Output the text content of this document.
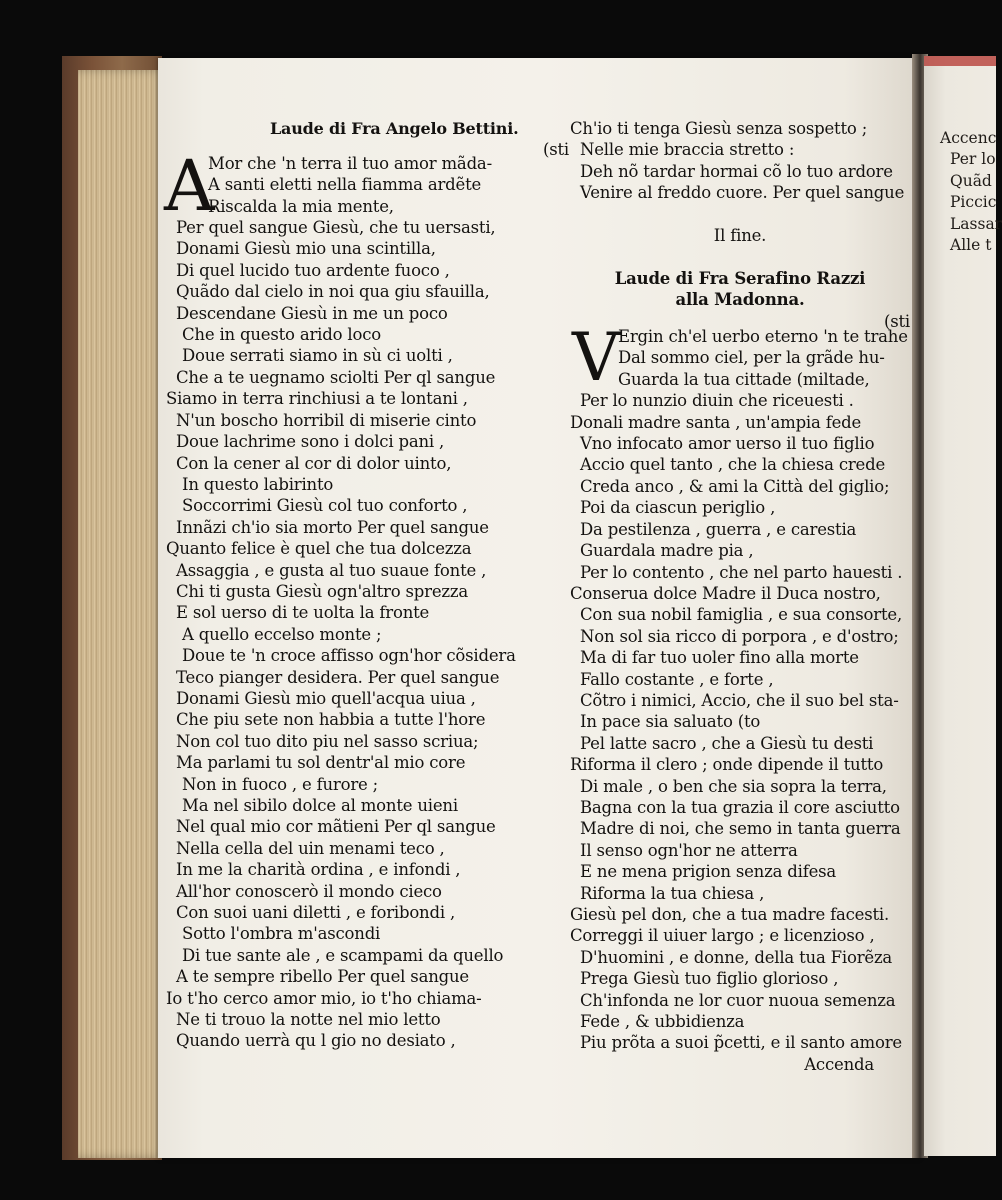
Laude di Fra Angelo Bettini.
(sti
A
Mor che 'n terra il tuo amor mãda-
A santi eletti nella fiamma ardẽte
Riscalda la mia mente,
Per quel sangue Giesù, che tu uersasti,
Donami Giesù mio una scintilla,
Di quel lucido tuo ardente fuoco ,
Quãdo dal cielo in noi qua giu sfauilla,
Descendane Giesù in me un poco
Che in questo arido loco
Doue serrati siamo in sù ci uolti ,
Che a te uegnamo sciolti Per ql sangue
Siamo in terra rinchiusi a te lontani ,
N'un boscho horribil di miserie cinto
Doue lachrime sono i dolci pani ,
Con la cener al cor di dolor uinto,
In questo labirinto
Soccorrimi Giesù col tuo conforto ,
Innãzi ch'io sia morto Per quel sangue
Quanto felice è quel che tua dolcezza
Assaggia , e gusta al tuo suaue fonte ,
Chi ti gusta Giesù ogn'altro sprezza
E sol uerso di te uolta la fronte
A quello eccelso monte ;
Doue te 'n croce affisso ogn'hor cõsidera
Teco pianger desidera. Per quel sangue
Donami Giesù mio quell'acqua uiua ,
Che piu sete non habbia a tutte l'hore
Non col tuo dito piu nel sasso scriua;
Ma parlami tu sol dentr'al mio core
Non in fuoco , e furore ;
Ma nel sibilo dolce al monte uieni
Nel qual mio cor mãtieni Per ql sangue
Nella cella del uin menami teco ,
In me la charità ordina , e infondi ,
All'hor conoscerò il mondo cieco
Con suoi uani diletti , e foribondi ,
Sotto l'ombra m'ascondi
Di tue sante ale , e scampami da quello
A te sempre ribello Per quel sangue
Io t'ho cerco amor mio, io t'ho chiama-
Ne ti trouo la notte nel mio letto
Quando uerrà qu l gio no desiato ,
Ch'io ti tenga Giesù senza sospetto ;
Nelle mie braccia stretto :
Deh nõ tardar hormai cõ lo tuo ardore
Venire al freddo cuore. Per quel sangue
Il fine.
Laude di Fra Serafino Razzi
alla Madonna.
(sti
V
Ergin ch'el uerbo eterno 'n te trahe
Dal sommo ciel, per la grãde hu-
Guarda la tua cittade (miltade,
Per lo nunzio diuin che riceuesti .
Donali madre santa , un'ampia fede
Vno infocato amor uerso il tuo figlio
Accio quel tanto , che la chiesa crede
Creda anco , & ami la Città del giglio;
Poi da ciascun periglio ,
Da pestilenza , guerra , e carestia
Guardala madre pia ,
Per lo contento , che nel parto hauesti .
Conserua dolce Madre il Duca nostro,
Con sua nobil famiglia , e sua consorte,
Non sol sia ricco di porpora , e d'ostro;
Ma di far tuo uoler fino alla morte
Fallo costante , e forte ,
Cõtro i nimici, Accio, che il suo bel sta-
In pace sia saluato (to
Pel latte sacro , che a Giesù tu desti
Riforma il clero ; onde dipende il tutto
Di male , o ben che sia sopra la terra,
Bagna con la tua grazia il core asciutto
Madre di noi, che semo in tanta guerra
Il senso ogn'hor ne atterra
E ne mena prigion senza difesa
Riforma la tua chiesa ,
Giesù pel don, che a tua madre facesti.
Correggi il uiuer largo ; e licenzioso ,
D'huomini , e donne, della tua Fiorẽza
Prega Giesù tuo figlio glorioso ,
Ch'infonda ne lor cuor nuoua semenza
Fede , & ubbidienza
Piu prõta a suoi p̃cetti, e il santo amore
Accenda
Accenc
Per lo
Quãd
Piccic
Lassar
Alle t
